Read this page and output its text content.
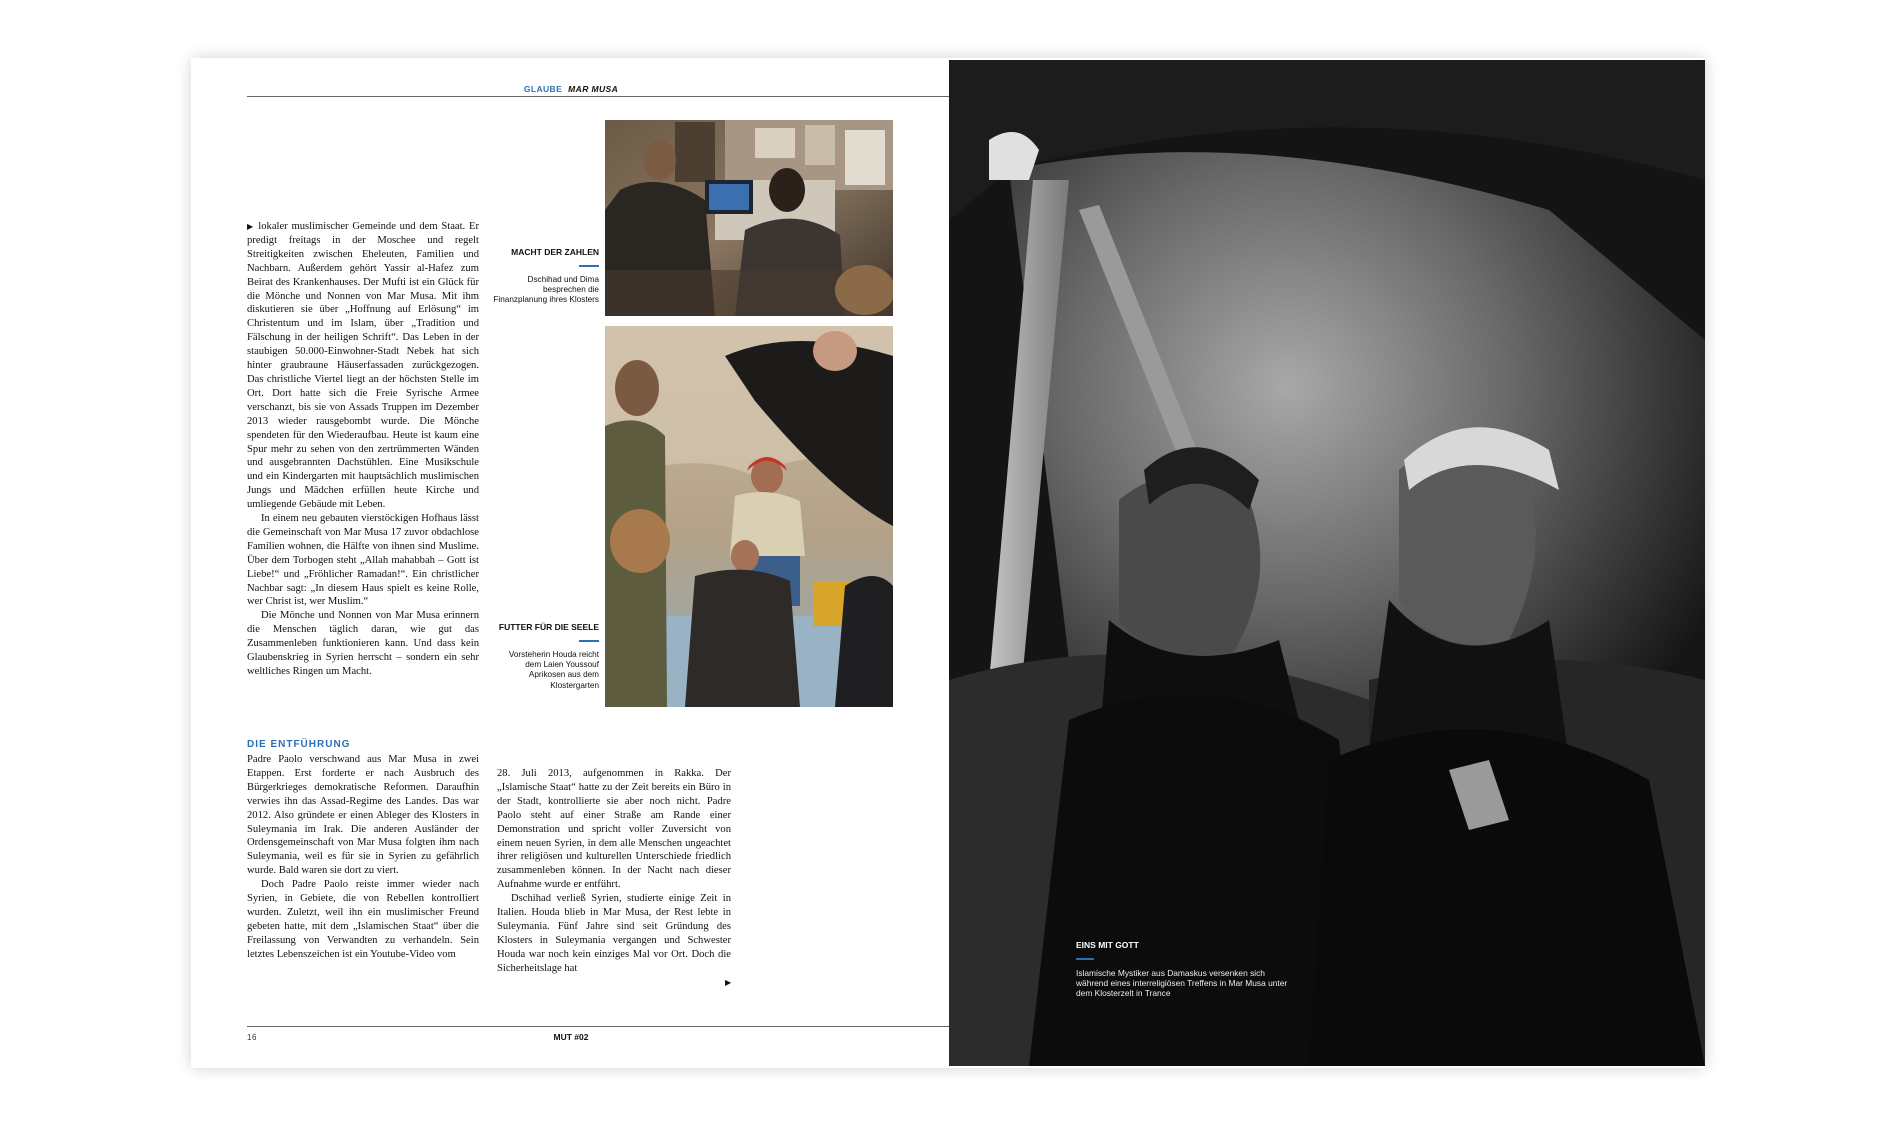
GLAUBE MAR MUSA
MACHT DER ZAHLEN
Dschihad und Dima besprechen die Finanzplanung ihres Klosters
FUTTER FÜR DIE SEELE
Vorsteherin Houda reicht dem Laien Youssouf Aprikosen aus dem Klostergarten

▶ lokaler muslimischer Gemeinde und dem Staat. Er predigt freitags in der Moschee und regelt Streitigkeiten zwischen Eheleuten, Familien und Nachbarn. Außerdem gehört Yassir al-Hafez zum Beirat des Krankenhauses. Der Mufti ist ein Glück für die Mönche und Nonnen von Mar Musa. Mit ihm diskutieren sie über „Hoffnung auf Erlösung“ im Christentum und im Islam, über „Tradition und Fälschung in der heiligen Schrift“. Das Leben in der staubigen 50.000-Einwohner-Stadt Nebek hat sich hinter graubraune Häuserfassaden zurückgezogen. Das christliche Viertel liegt an der höchsten Stelle im Ort. Dort hatte sich die Freie Syrische Armee verschanzt, bis sie von Assads Truppen im Dezember 2013 wieder rausgebombt wurde. Die Mönche spendeten für den Wiederaufbau. Heute ist kaum eine Spur mehr zu sehen von den zertrümmerten Wänden und ausgebrannten Dachstühlen. Eine Musikschule und ein Kindergarten mit hauptsächlich muslimischen Jungs und Mädchen erfüllen heute Kirche und umliegende Gebäude mit Leben.

In einem neu gebauten vierstöckigen Hofhaus lässt die Gemeinschaft von Mar Musa 17 zuvor obdachlose Familien wohnen, die Hälfte von ihnen sind Muslime. Über dem Torbogen steht „Allah mahabbah – Gott ist Liebe!“ und „Fröhlicher Ramadan!“. Ein christlicher Nachbar sagt: „In diesem Haus spielt es keine Rolle, wer Christ ist, wer Muslim.“

Die Mönche und Nonnen von Mar Musa erinnern die Menschen täglich daran, wie gut das Zusammenleben funktionieren kann. Und dass kein Glaubenskrieg in Syrien herrscht – sondern ein sehr weltliches Ringen um Macht.

DIE ENTFÜHRUNG

Padre Paolo verschwand aus Mar Musa in zwei Etappen. Erst forderte er nach Ausbruch des Bürgerkrieges demokratische Reformen. Daraufhin verwies ihn das Assad-Regime des Landes. Das war 2012. Also gründete er einen Ableger des Klosters in Suleymania im Irak. Die anderen Ausländer der Ordensgemeinschaft von Mar Musa folgten ihm nach Suleymania, weil es für sie in Syrien zu gefährlich wurde. Bald waren sie dort zu viert.

Doch Padre Paolo reiste immer wieder nach Syrien, in Gebiete, die von Rebellen kontrolliert wurden. Zuletzt, weil ihn ein muslimischer Freund gebeten hatte, mit dem „Islamischen Staat“ über die Freilassung von Verwandten zu verhandeln. Sein letztes Lebenszeichen ist ein Youtube-Video vom

28. Juli 2013, aufgenommen in Rakka. Der „Islamische Staat“ hatte zu der Zeit bereits ein Büro in der Stadt, kontrollierte sie aber noch nicht. Padre Paolo steht auf einer Straße am Rande einer Demonstration und spricht voller Zuversicht von einem neuen Syrien, in dem alle Menschen ungeachtet ihrer religiösen und kulturellen Unterschiede friedlich zusammenleben können. In der Nacht nach dieser Aufnahme wurde er entführt.

Dschihad verließ Syrien, studierte einige Zeit in Italien. Houda blieb in Mar Musa, der Rest lebte in Suleymania. Fünf Jahre sind seit Gründung des Klosters in Suleymania vergangen und Schwester Houda war noch kein einziges Mal vor Ort. Doch die Sicherheitslage hat

▶
16	MUT #02
EINS MIT GOTT
Islamische Mystiker aus Damaskus versenken sich während eines interreligiösen Treffens in Mar Musa unter dem Klosterzelt in Trance
